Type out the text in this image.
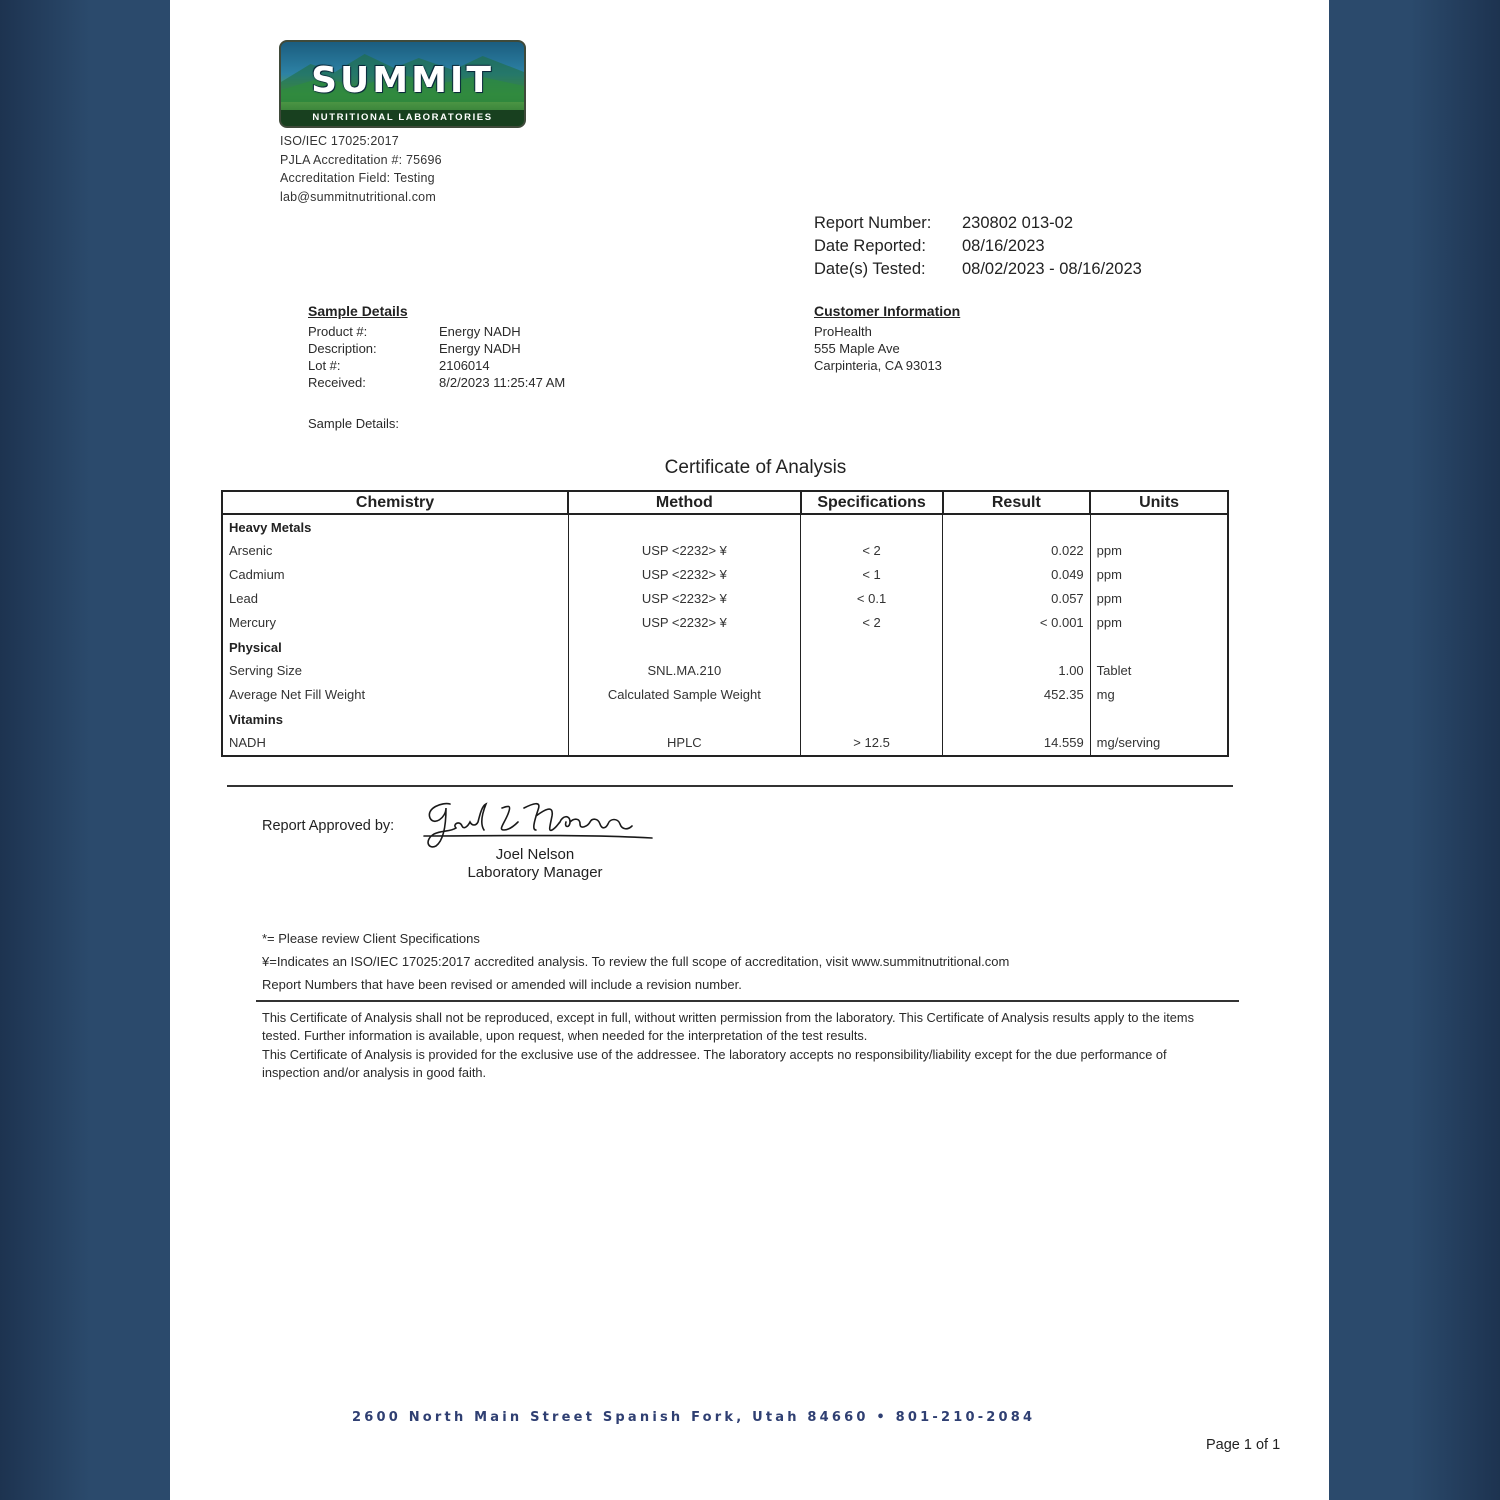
SUMMIT
NUTRITIONAL LABORATORIES
ISO/IEC 17025:2017
PJLA Accreditation #: 75696
Accreditation Field: Testing
lab@summitnutritional.com
Report Number:	230802 013-02
Date Reported:	08/16/2023
Date(s) Tested:	08/02/2023 - 08/16/2023
Sample Details
Product #:	Energy NADH
Description:	Energy NADH
Lot #:	2106014
Received:	8/2/2023 11:25:47 AM
Sample Details:
Customer Information
ProHealth
555 Maple Ave
Carpinteria, CA 93013
Certificate of Analysis
Chemistry	Method	Specifications	Result	Units
Heavy Metals				
Arsenic	USP <2232> ¥	< 2	0.022	ppm
Cadmium	USP <2232> ¥	< 1	0.049	ppm
Lead	USP <2232> ¥	< 0.1	0.057	ppm
Mercury	USP <2232> ¥	< 2	< 0.001	ppm
Physical				
Serving Size	SNL.MA.210		1.00	Tablet
Average Net Fill Weight	Calculated Sample Weight		452.35	mg
Vitamins				
NADH	HPLC	> 12.5	14.559	mg/serving
Report Approved by:
Joel Nelson
Laboratory Manager
*= Please review Client Specifications
¥=Indicates an ISO/IEC 17025:2017 accredited analysis. To review the full scope of accreditation, visit www.summitnutritional.com
Report Numbers that have been revised or amended will include a revision number.
This Certificate of Analysis shall not be reproduced, except in full, without written permission from the laboratory. This Certificate of Analysis results apply to the items tested. Further information is available, upon request, when needed for the interpretation of the test results.
This Certificate of Analysis is provided for the exclusive use of the addressee. The laboratory accepts no responsibility/liability except for the due performance of inspection and/or analysis in good faith.
2600 North Main Street Spanish Fork, Utah 84660 • 801-210-2084
Page 1 of 1
